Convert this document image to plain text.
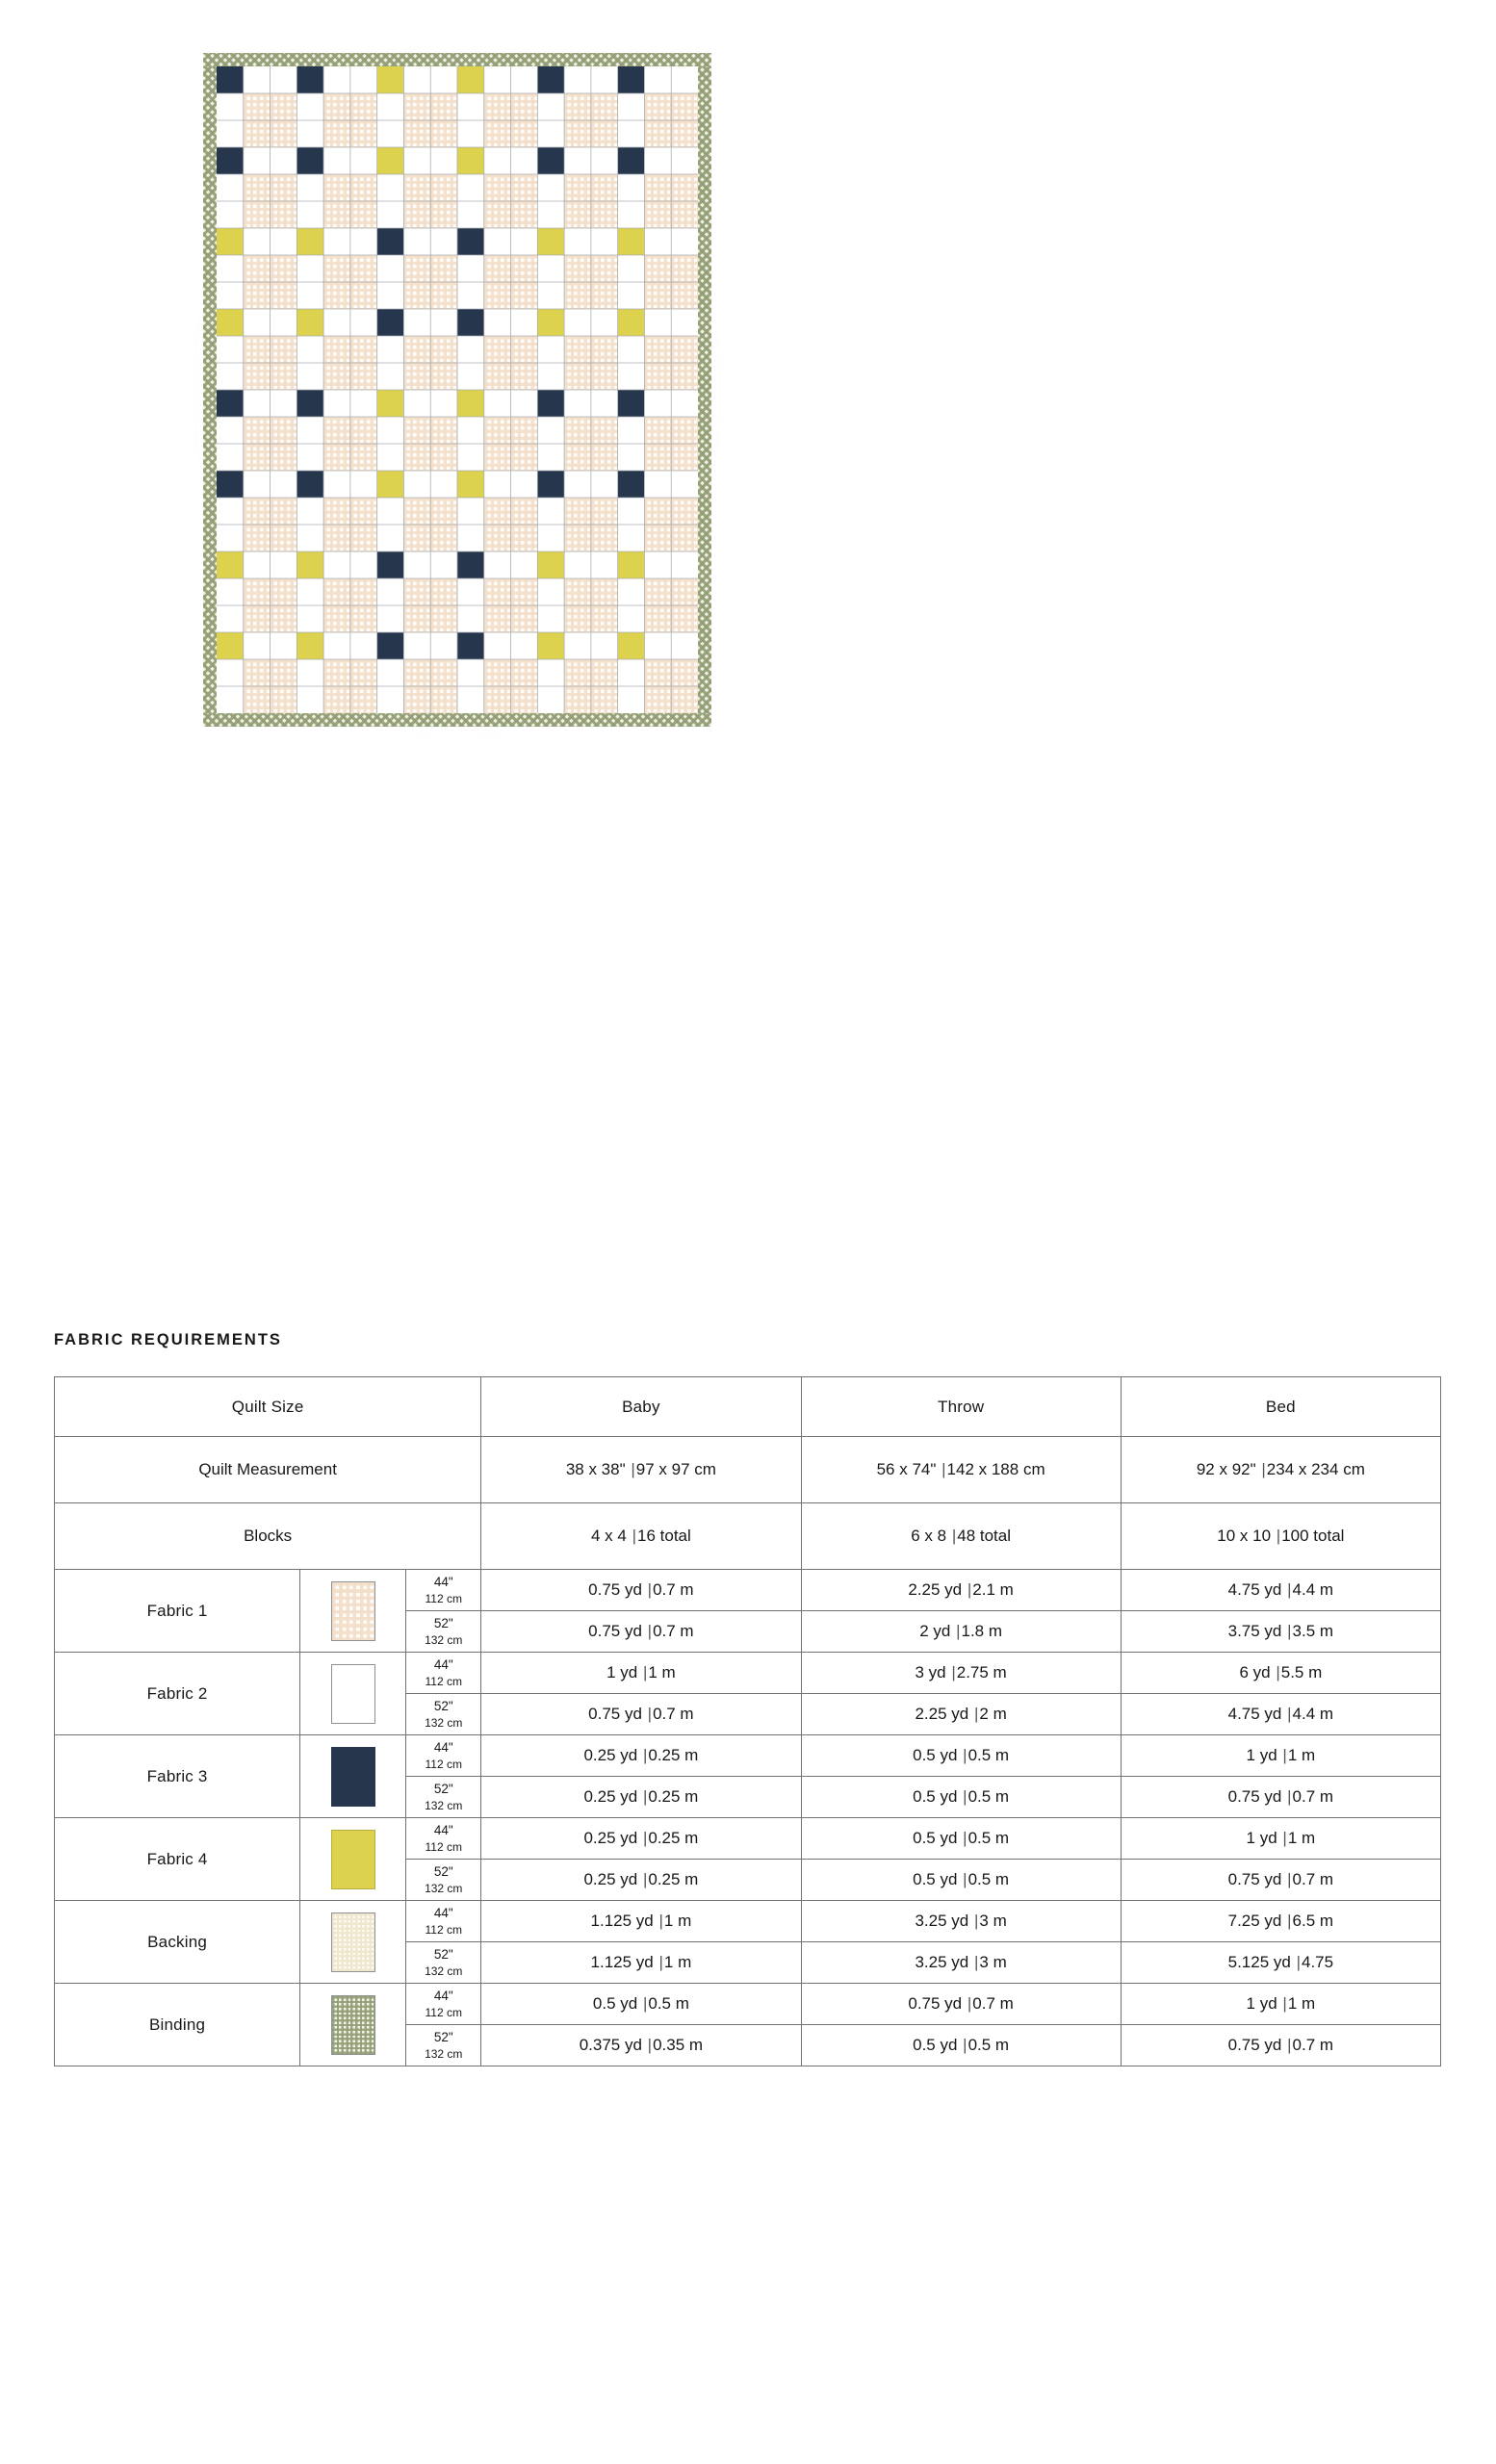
FABRIC REQUIREMENTS
Quilt Size			Baby	Throw	Bed
Quilt Measurement			38 x 38" |97 x 97 cm	56 x 74" |142 x 188 cm	92 x 92" |234 x 234 cm
Blocks			4 x 4 |16 total	6 x 8 |48 total	10 x 10 |100 total
Fabric 1		44"
112 cm	0.75 yd |0.7 m	2.25 yd |2.1 m	4.75 yd |4.4 m

		52"
132 cm	0.75 yd |0.7 m	2 yd |1.8 m	3.75 yd |3.5 m
Fabric 2		44"
112 cm	1 yd |1 m	3 yd |2.75 m	6 yd |5.5 m

		52"
132 cm	0.75 yd |0.7 m	2.25 yd |2 m	4.75 yd |4.4 m
Fabric 3		44"
112 cm	0.25 yd |0.25 m	0.5 yd |0.5 m	1 yd |1 m

		52"
132 cm	0.25 yd |0.25 m	0.5 yd |0.5 m	0.75 yd |0.7 m
Fabric 4		44"
112 cm	0.25 yd |0.25 m	0.5 yd |0.5 m	1 yd |1 m

		52"
132 cm	0.25 yd |0.25 m	0.5 yd |0.5 m	0.75 yd |0.7 m
Backing		44"
112 cm	1.125 yd |1 m	3.25 yd |3 m	7.25 yd |6.5 m

		52"
132 cm	1.125 yd |1 m	3.25 yd |3 m	5.125 yd |4.75
Binding		44"
112 cm	0.5 yd |0.5 m	0.75 yd |0.7 m	1 yd |1 m

		52"
132 cm	0.375 yd |0.35 m	0.5 yd |0.5 m	0.75 yd |0.7 m
